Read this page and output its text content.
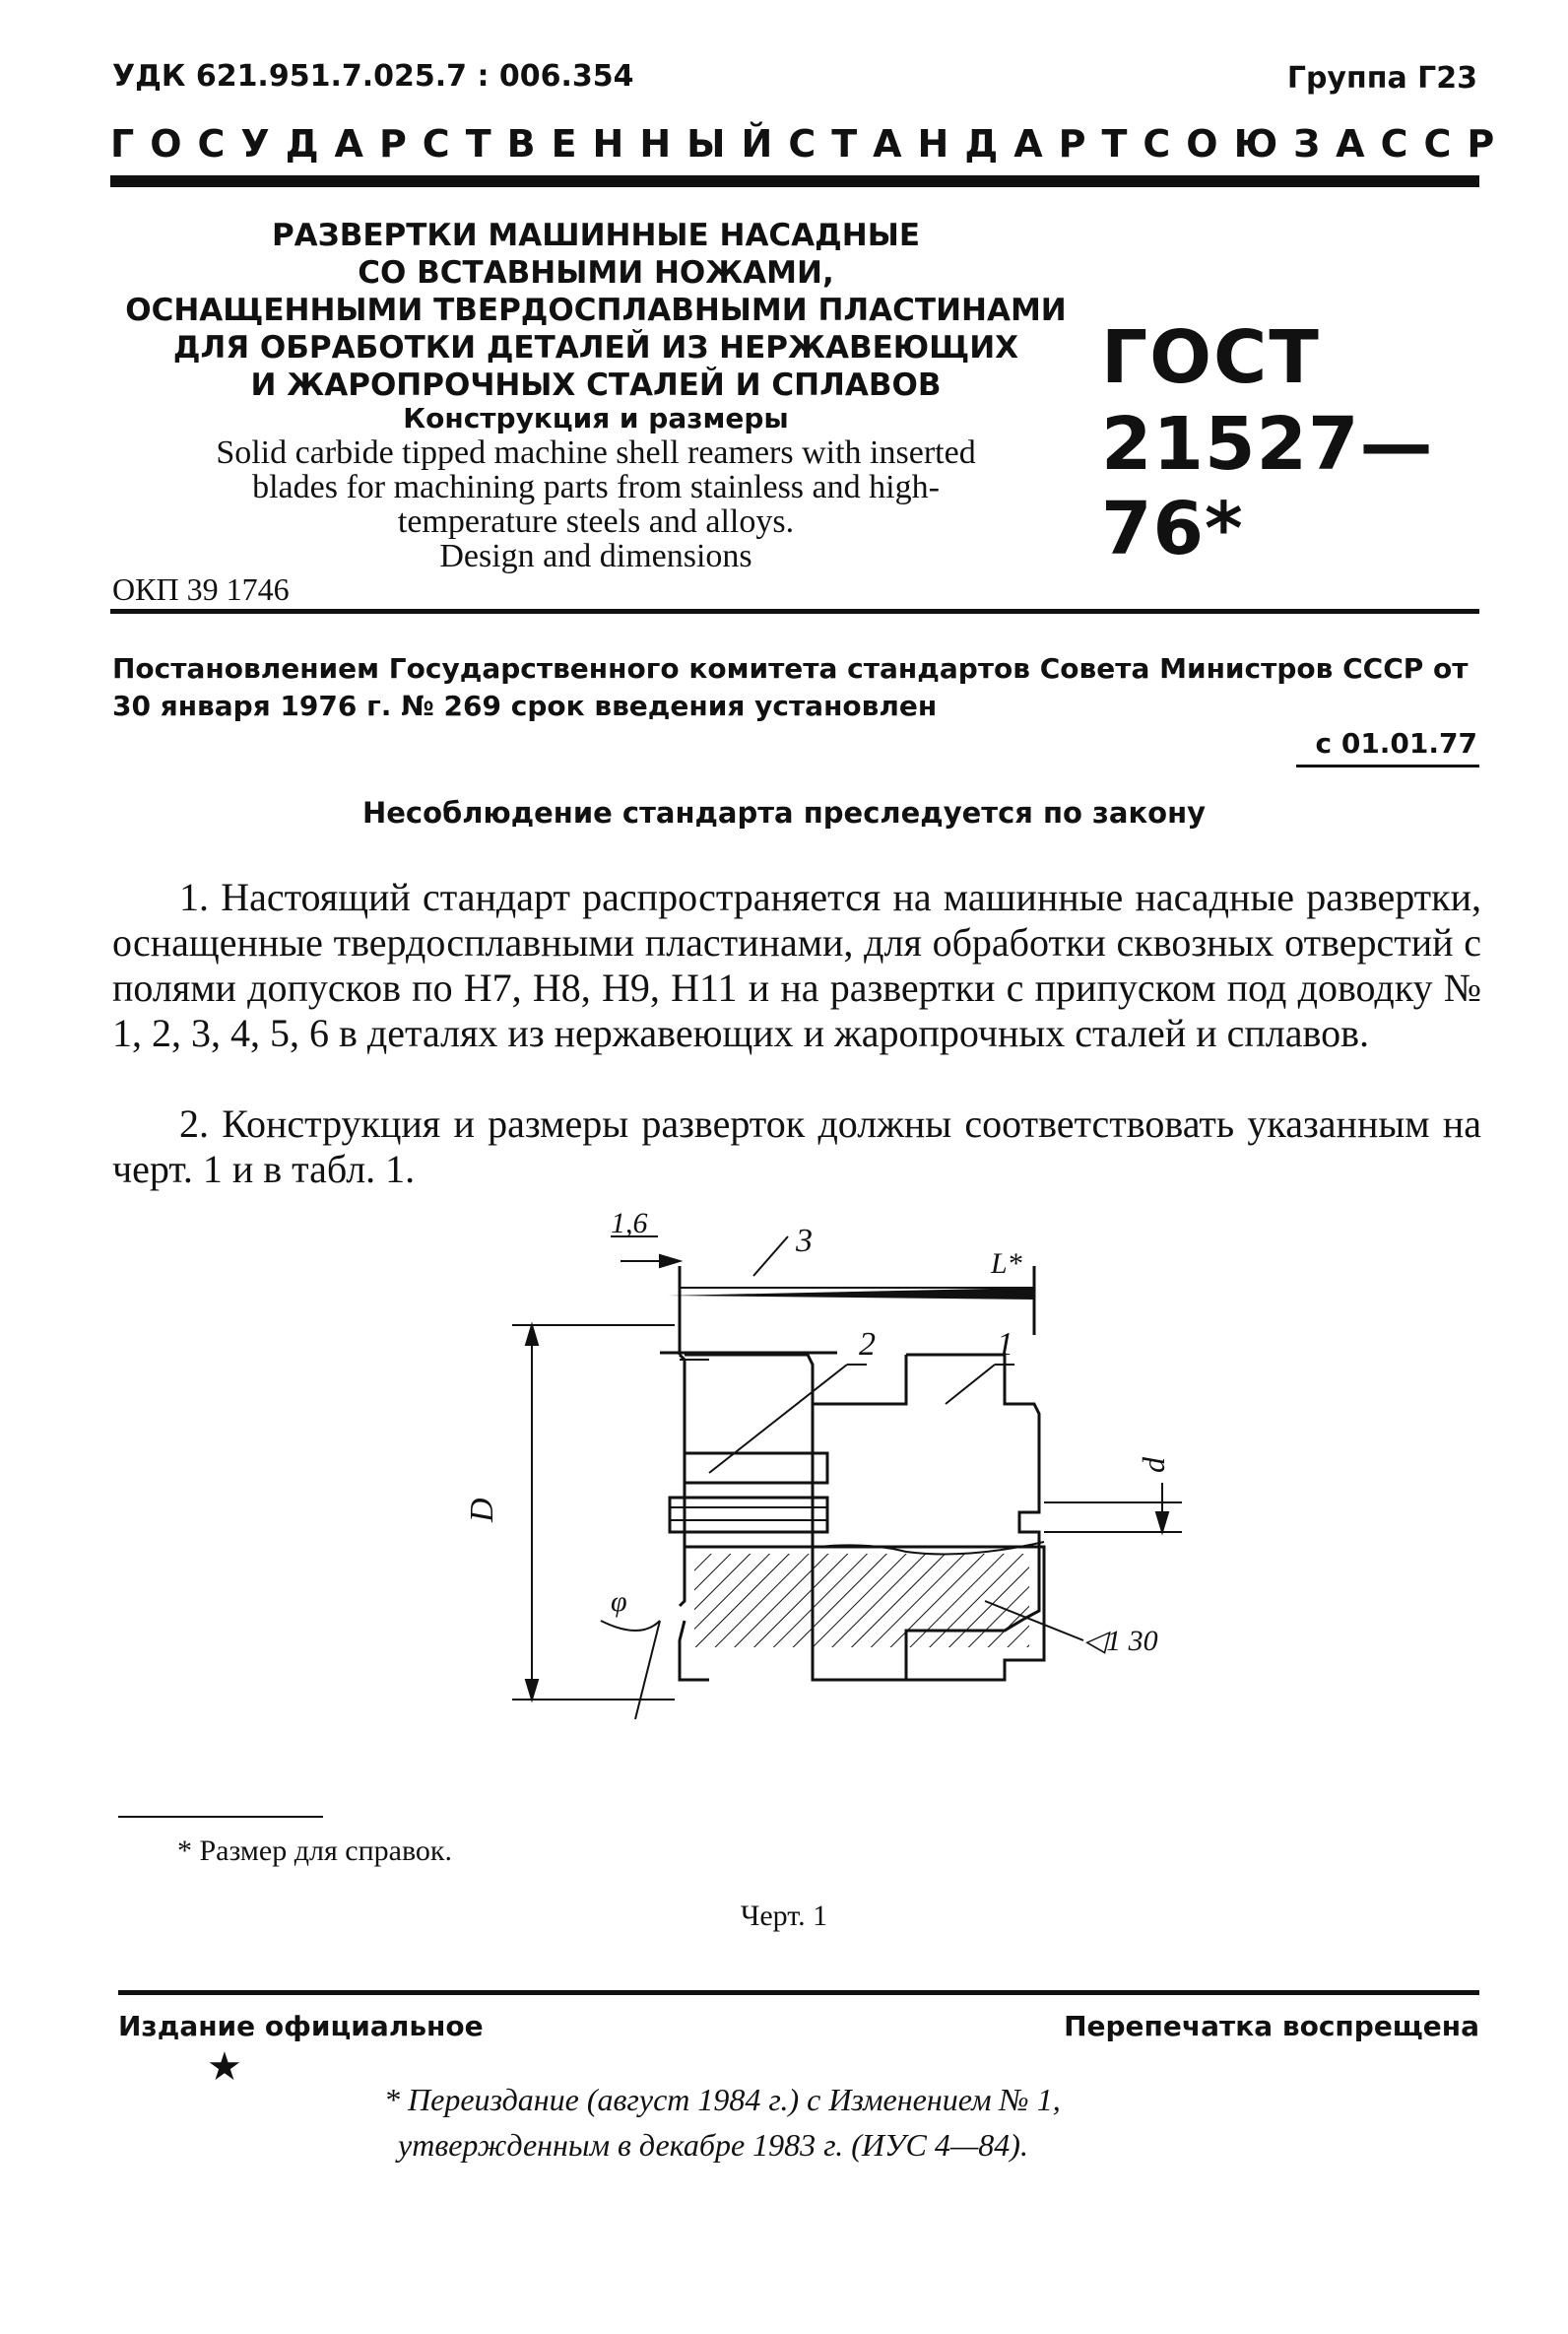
УДК 621.951.7.025.7 : 006.354	Группа Г23
ГОСУДАРСТВЕННЫЙ СТАНДАРТ СОЮЗА ССР
РАЗВЕРТКИ МАШИННЫЕ НАСАДНЫЕ
СО ВСТАВНЫМИ НОЖАМИ,
ОСНАЩЕННЫМИ ТВЕРДОСПЛАВНЫМИ ПЛАСТИНАМИ
ДЛЯ ОБРАБОТКИ ДЕТАЛЕЙ ИЗ НЕРЖАВЕЮЩИХ
И ЖАРОПРОЧНЫХ СТАЛЕЙ И СПЛАВОВ
Конструкция и размеры
Solid carbide tipped machine shell reamers with inserted
blades for machining parts from stainless and high-
temperature steels and alloys.
Design and dimensions
ОКП 39 1746
ГОСТ
21527—76*
Постановлением Государственного комитета стандартов Совета Министров СССР от 30 января 1976 г. № 269 срок введения установлен
с 01.01.77
Несоблюдение стандарта преследуется по закону
1. Настоящий стандарт распространяется на машинные насадные развертки, оснащенные твердосплавными пластинами, для обработки сквозных отверстий с полями допусков по Н7, Н8, Н9, Н11 и на развертки с припуском под доводку № 1, 2, 3, 4, 5, 6 в деталях из нержавеющих и жаропрочных сталей и сплавов.
2. Конструкция и размеры разверток должны соответствовать указанным на черт. 1 и в табл. 1.
L*
1,6	3
2	1
D
d
φ
◁1 30
* Размер для справок.
Черт. 1
Издание официальное	Перепечатка воспрещена
★
* Переиздание (август 1984 г.) с Изменением № 1,
утвержденным в декабре 1983 г. (ИУС 4—84).
